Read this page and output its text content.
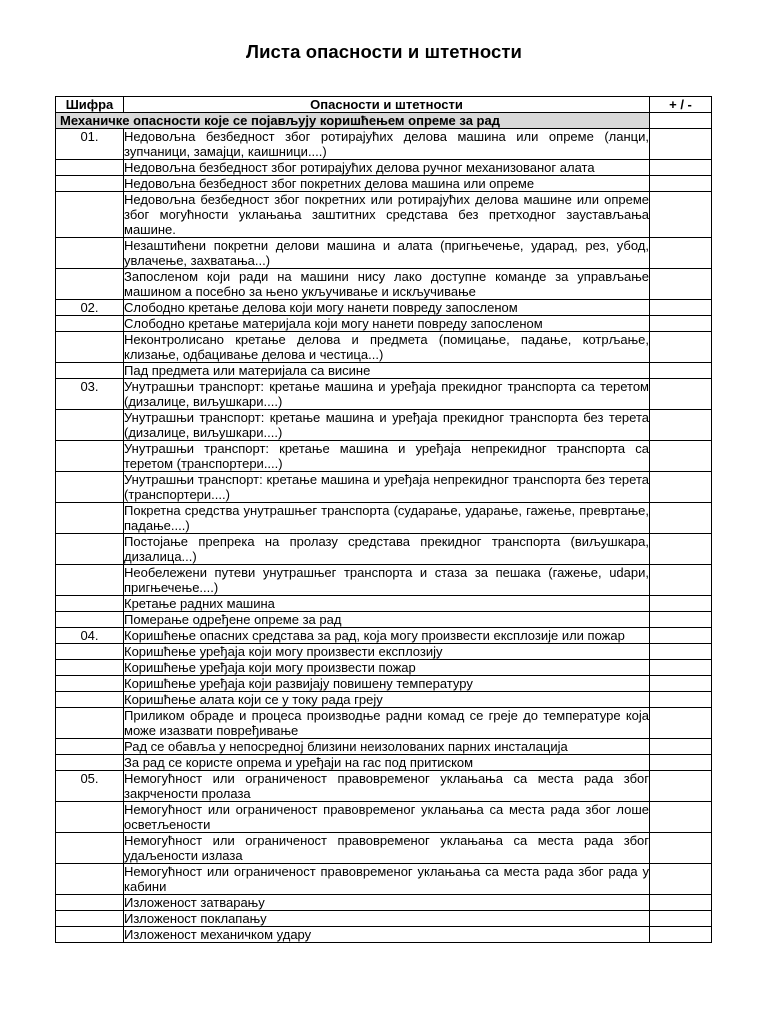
Листа опасности и штетности
Шифра	Опасности и штетности	+ / -
Механичке опасности које се појављују коришћењем опреме за рад		
01.	Недовољна безбедност због ротирајућих делова машина или опреме (ланци, зупчаници, замајци, каишници....)	
	Недовољна безбедност због ротирајућих делова ручног механизованог алата	
	Недовољна безбедност због покретних делова машина или опреме	
	Недовољна безбедност због покретних или ротирајућих делова машине или опреме због могућности уклањања заштитних средстава без претходног заустављања машине.	
	Незаштићени покретни делови машина и алата (пригњечење, ударад, рез, убод, увлачење, захватања...)	
	Запосленом који ради на машини нису лако доступне команде за управљање машином а посебно за њено укључивање и искључивање	
02.	Слободно кретање делова који могу нанети повреду запосленом	
	Слободно кретање материјала који могу нанети повреду запосленом	
	Неконтролисано кретање делова и предмета (помицање, падање, котрљање, клизање, одбацивање делова и честица...)	
	Пад предмета или материјала са висине	
03.	Унутрашњи транспорт: кретање машина и уређаја прекидног транспорта са теретом (дизалице, виљушкари....)	
	Унутрашњи транспорт: кретање машина и уређаја прекидног транспорта без терета (дизалице, виљушкари....)	
	Унутрашњи транспорт: кретање машина и уређаја непрекидног транспорта са теретом (транспортери....)	
	Унутрашњи транспорт: кретање машина и уређаја непрекидног транспорта без терета (транспортери....)	
	Покретна средства унутрашњег транспорта (сударање, ударање, гажење, превртање, падање....)	
	Постојање препрека на пролазу средстава прекидног транспорта (виљушкара, дизалица...)	
	Необележени путеви унутрашњег транспорта и стаза за пешака (гажење, udари, пригњечење....)	
	Кретање радних машина	
	Померање одређене опреме за рад	
04.	Коришћење опасних средстава за рад, која могу произвести експлозије или пожар	
	Коришћење уређаја који могу произвести експлозију	
	Коришћење уређаја који могу произвести пожар	
	Коришћење уређаја који развијају повишену температуру	
	Коришћење алата који се у току рада греју	
	Приликом обраде и процеса производње радни комад се греје до температуре која може изазвати повређивање	
	Рад се обавља у непосредној близини неизолованих парних инсталација	
	За рад се користе опрема и уређаји на гас под притиском	
05.	Немогућност или ограниченост правовременог уклањања са места рада због закрчености пролаза	
	Немогућност или ограниченост правовременог уклањања са места рада због лоше осветљености	
	Немогућност или ограниченост правовременог уклањања са места рада због удаљености излаза	
	Немогућност или ограниченост правовременог уклањања са места рада због рада у кабини	
	Изложеност затварању	
	Изложеност поклапању	
	Изложеност механичком удару	
